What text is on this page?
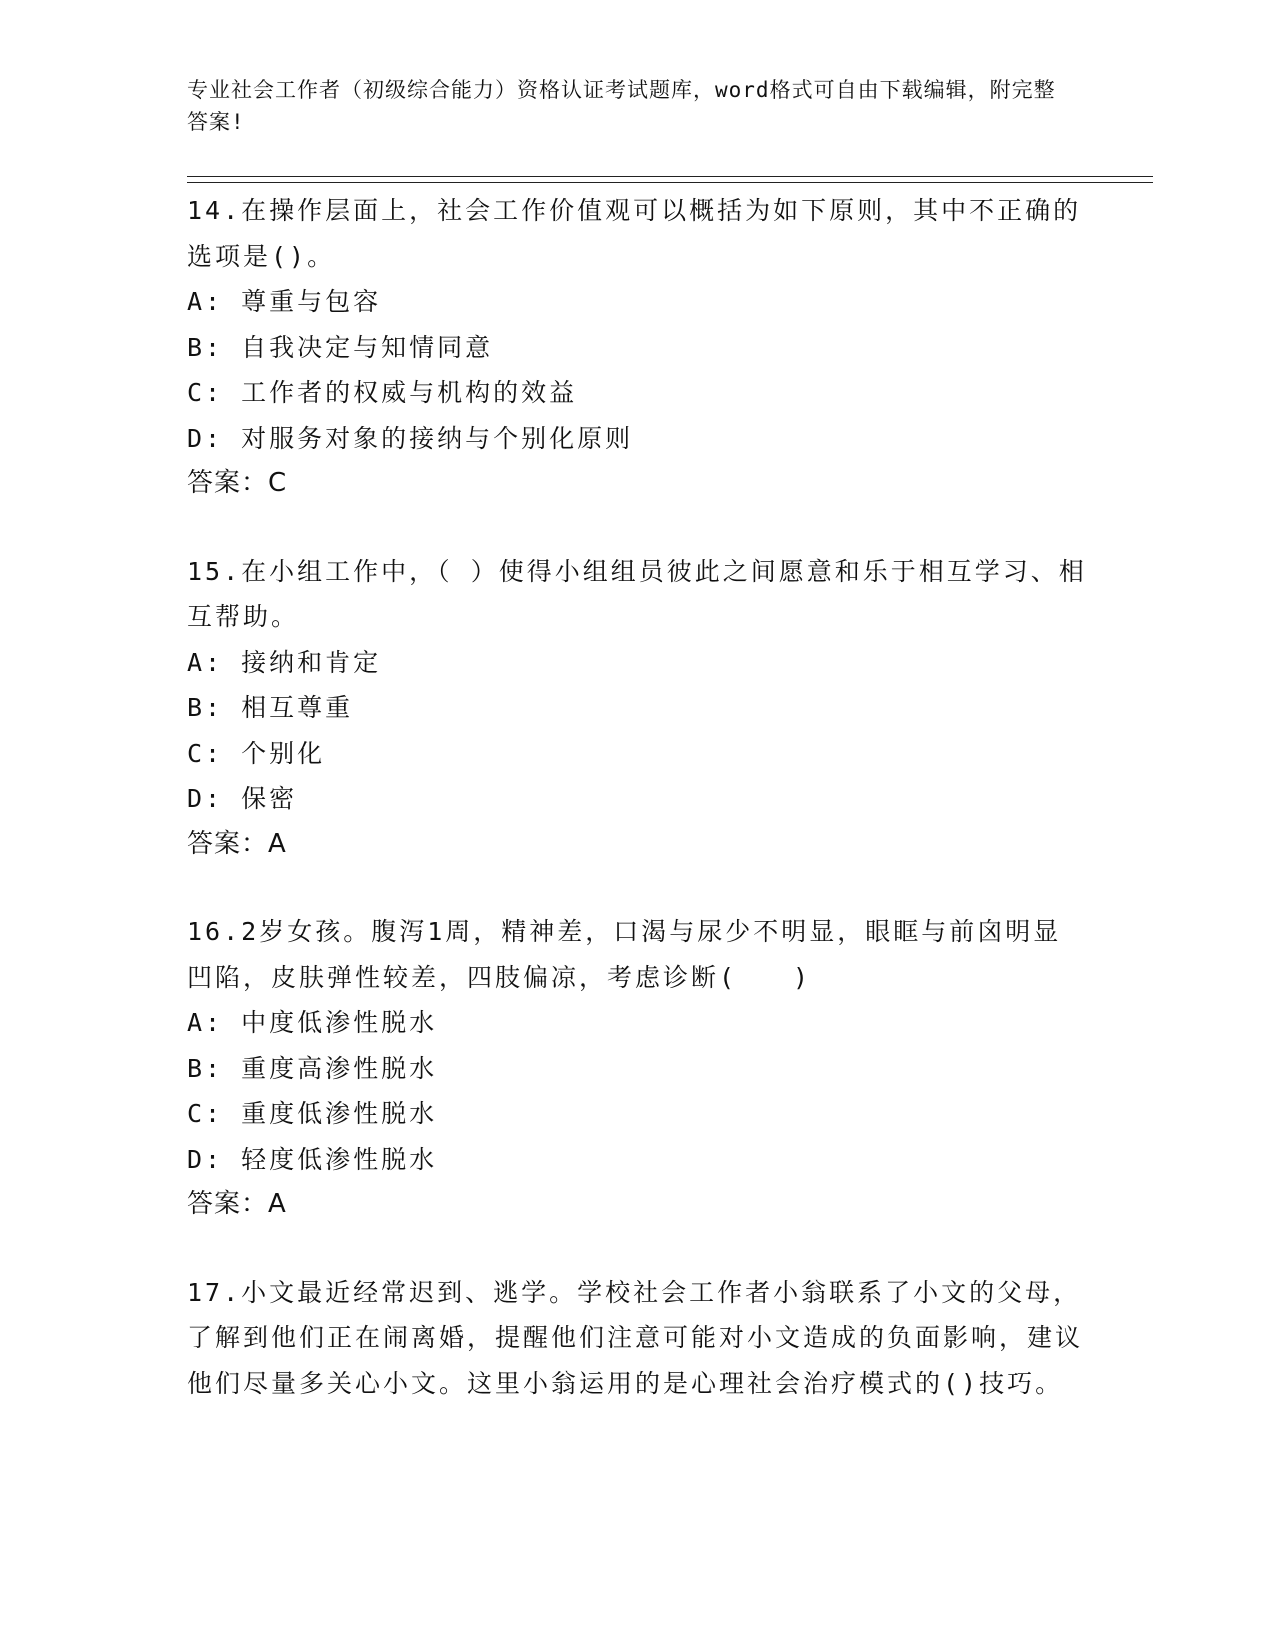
专业社会工作者（初级综合能力）资格认证考试题库，word格式可自由下载编辑，附完整答案!
14.在操作层面上，社会工作价值观可以概括为如下原则，其中不正确的选项是()。
A: 尊重与包容
B: 自我决定与知情同意
C: 工作者的权威与机构的效益
D: 对服务对象的接纳与个别化原则
答案：C
15.在小组工作中，（ ）使得小组组员彼此之间愿意和乐于相互学习、相互帮助。
A: 接纳和肯定
B: 相互尊重
C: 个别化
D: 保密
答案：A
16.2岁女孩。腹泻1周，精神差，口渴与尿少不明显，眼眶与前囟明显凹陷，皮肤弹性较差，四肢偏凉，考虑诊断(　　)
A: 中度低渗性脱水
B: 重度高渗性脱水
C: 重度低渗性脱水
D: 轻度低渗性脱水
答案：A
17.小文最近经常迟到、逃学。学校社会工作者小翁联系了小文的父母，了解到他们正在闹离婚，提醒他们注意可能对小文造成的负面影响，建议他们尽量多关心小文。这里小翁运用的是心理社会治疗模式的()技巧。
